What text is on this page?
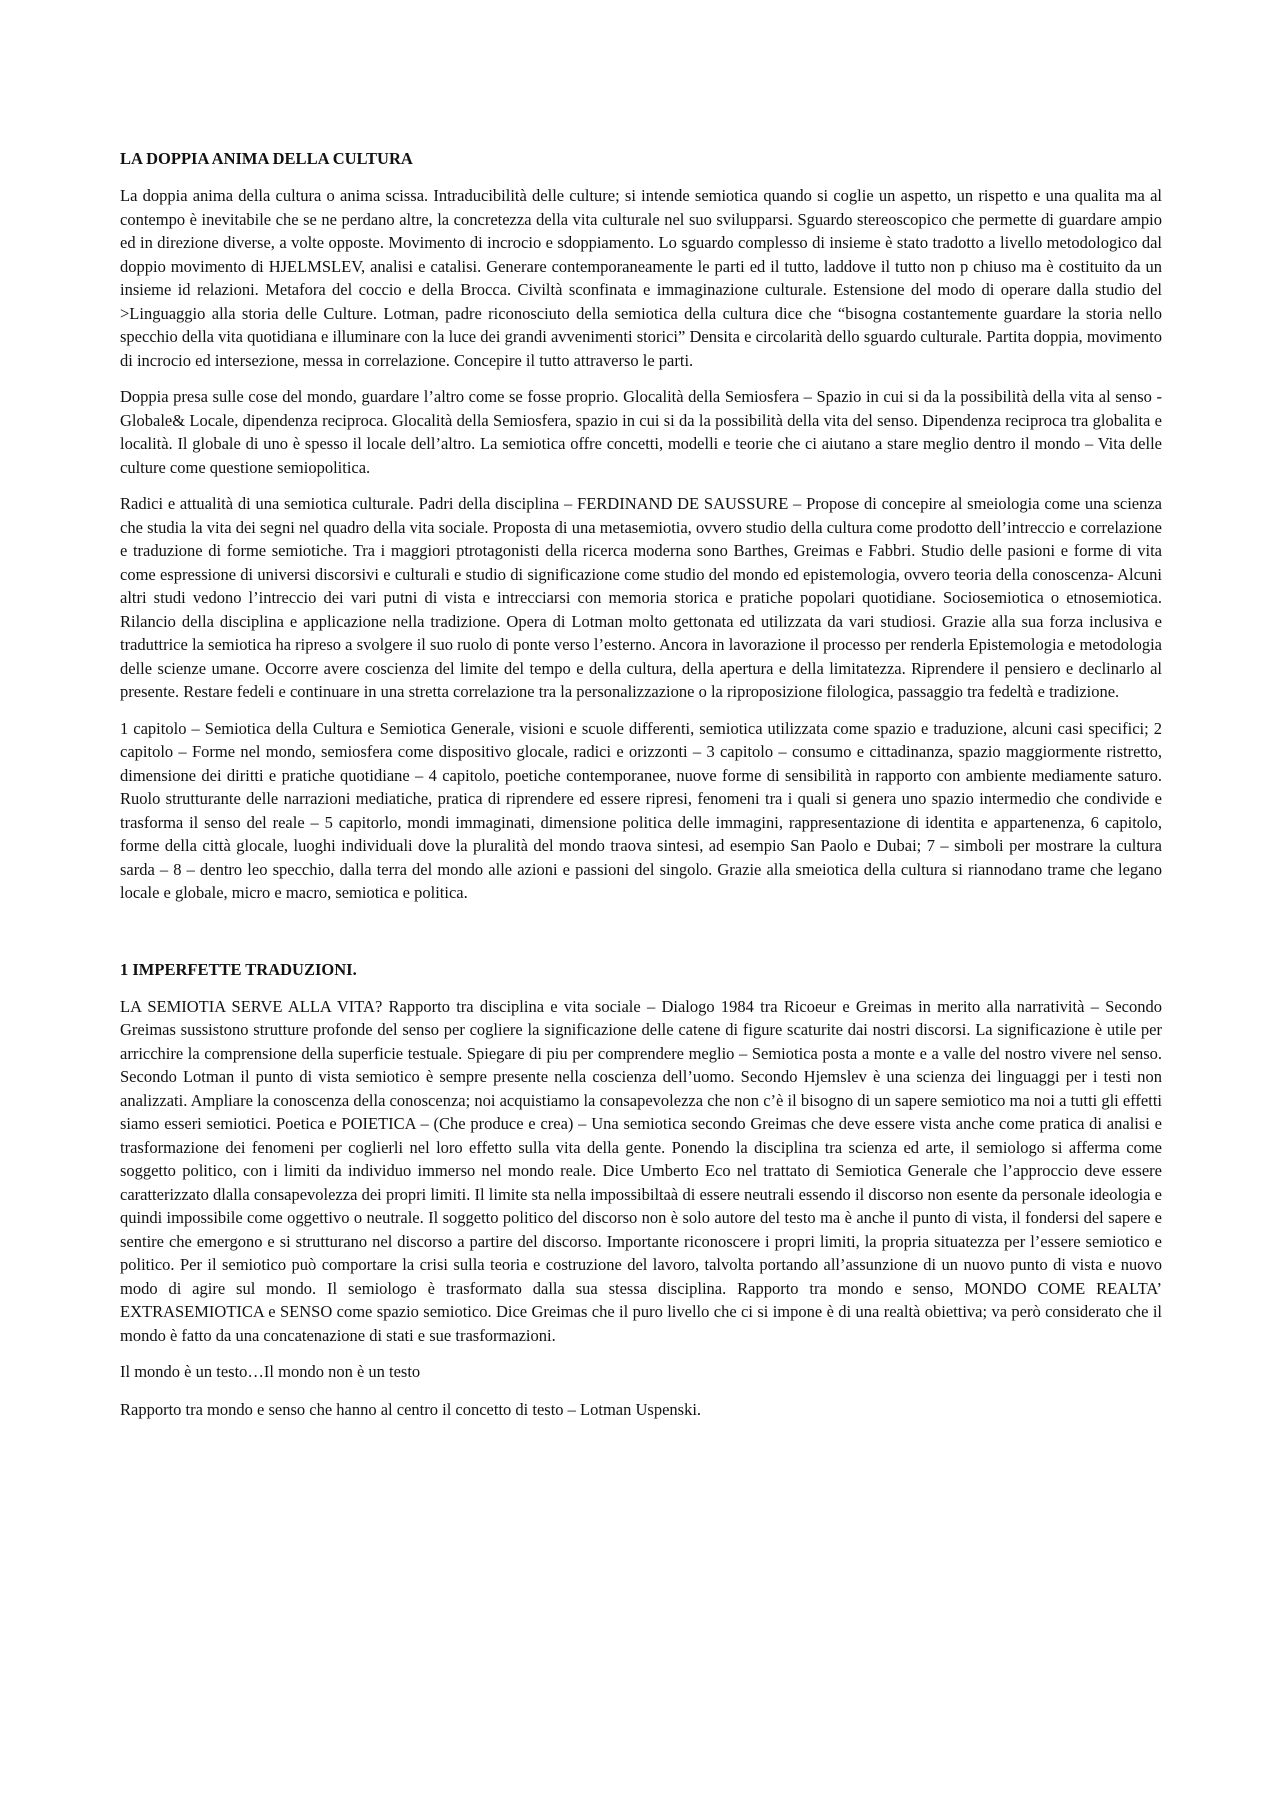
LA DOPPIA ANIMA DELLA CULTURA

La doppia anima della cultura o anima scissa. Intraducibilità delle culture; si intende semiotica quando si coglie un aspetto, un rispetto e una qualita ma al contempo è inevitabile che se ne perdano altre, la concretezza della vita culturale nel suo svilupparsi. Sguardo stereoscopico che permette di guardare ampio ed in direzione diverse, a volte opposte. Movimento di incrocio e sdoppiamento. Lo sguardo complesso di insieme è stato tradotto a livello metodologico dal doppio movimento di HJELMSLEV, analisi e catalisi. Generare contemporaneamente le parti ed il tutto, laddove il tutto non p chiuso ma è costituito da un insieme id relazioni. Metafora del coccio e della Brocca. Civiltà sconfinata e immaginazione culturale. Estensione del modo di operare dalla studio del >Linguaggio alla storia delle Culture. Lotman, padre riconosciuto della semiotica della cultura dice che “bisogna costantemente guardare la storia nello specchio della vita quotidiana e illuminare con la luce dei grandi avvenimenti storici” Densita e circolarità dello sguardo culturale. Partita doppia, movimento di incrocio ed intersezione, messa in correlazione. Concepire il tutto attraverso le parti.

Doppia presa sulle cose del mondo, guardare l’altro come se fosse proprio. Glocalità della Semiosfera – Spazio in cui si da la possibilità della vita al senso - Globale& Locale, dipendenza reciproca. Glocalità della Semiosfera, spazio in cui si da la possibilità della vita del senso. Dipendenza reciproca tra globalita e località. Il globale di uno è spesso il locale dell’altro. La semiotica offre concetti, modelli e teorie che ci aiutano a stare meglio dentro il mondo – Vita delle culture come questione semiopolitica.

Radici e attualità di una semiotica culturale. Padri della disciplina – FERDINAND DE SAUSSURE – Propose di concepire al smeiologia come una scienza che studia la vita dei segni nel quadro della vita sociale. Proposta di una metasemiotia, ovvero studio della cultura come prodotto dell’intreccio e correlazione e traduzione di forme semiotiche. Tra i maggiori ptrotagonisti della ricerca moderna sono Barthes, Greimas e Fabbri. Studio delle pasioni e forme di vita come espressione di universi discorsivi e culturali e studio di significazione come studio del mondo ed epistemologia, ovvero teoria della conoscenza- Alcuni altri studi vedono l’intreccio dei vari putni di vista e intrecciarsi con memoria storica e pratiche popolari quotidiane. Sociosemiotica o etnosemiotica. Rilancio della disciplina e applicazione nella tradizione. Opera di Lotman molto gettonata ed utilizzata da vari studiosi. Grazie alla sua forza inclusiva e traduttrice la semiotica ha ripreso a svolgere il suo ruolo di ponte verso l’esterno. Ancora in lavorazione il processo per renderla Epistemologia e metodologia delle scienze umane. Occorre avere coscienza del limite del tempo e della cultura, della apertura e della limitatezza. Riprendere il pensiero e declinarlo al presente. Restare fedeli e continuare in una stretta correlazione tra la personalizzazione o la riproposizione filologica, passaggio tra fedeltà e tradizione.

1 capitolo – Semiotica della Cultura e Semiotica Generale, visioni e scuole differenti, semiotica utilizzata come spazio e traduzione, alcuni casi specifici; 2 capitolo – Forme nel mondo, semiosfera come dispositivo glocale, radici e orizzonti – 3 capitolo – consumo e cittadinanza, spazio maggiormente ristretto, dimensione dei diritti e pratiche quotidiane – 4 capitolo, poetiche contemporanee, nuove forme di sensibilità in rapporto con ambiente mediamente saturo. Ruolo strutturante delle narrazioni mediatiche, pratica di riprendere ed essere ripresi, fenomeni tra i quali si genera uno spazio intermedio che condivide e trasforma il senso del reale – 5 capitorlo, mondi immaginati, dimensione politica delle immagini, rappresentazione di identita e appartenenza, 6 capitolo, forme della città glocale, luoghi individuali dove la pluralità del mondo traova sintesi, ad esempio San Paolo e Dubai; 7 – simboli per mostrare la cultura sarda – 8 – dentro leo specchio, dalla terra del mondo alle azioni e passioni del singolo. Grazie alla smeiotica della cultura si riannodano trame che legano locale e globale, micro e macro, semiotica e politica.

1 IMPERFETTE TRADUZIONI.

LA SEMIOTIA SERVE ALLA VITA? Rapporto tra disciplina e vita sociale – Dialogo 1984 tra Ricoeur e Greimas in merito alla narratività – Secondo Greimas sussistono strutture profonde del senso per cogliere la significazione delle catene di figure scaturite dai nostri discorsi. La significazione è utile per arricchire la comprensione della superficie testuale. Spiegare di piu per comprendere meglio – Semiotica posta a monte e a valle del nostro vivere nel senso. Secondo Lotman il punto di vista semiotico è sempre presente nella coscienza dell’uomo. Secondo Hjemslev è una scienza dei linguaggi per i testi non analizzati. Ampliare la conoscenza della conoscenza; noi acquistiamo la consapevolezza che non c’è il bisogno di un sapere semiotico ma noi a tutti gli effetti siamo esseri semiotici. Poetica e POIETICA – (Che produce e crea) – Una semiotica secondo Greimas che deve essere vista anche come pratica di analisi e trasformazione dei fenomeni per coglierli nel loro effetto sulla vita della gente. Ponendo la disciplina tra scienza ed arte, il semiologo si afferma come soggetto politico, con i limiti da individuo immerso nel mondo reale. Dice Umberto Eco nel trattato di Semiotica Generale che l’approccio deve essere caratterizzato dlalla consapevolezza dei propri limiti. Il limite sta nella impossibiltaà di essere neutrali essendo il discorso non esente da personale ideologia e quindi impossibile come oggettivo o neutrale. Il soggetto politico del discorso non è solo autore del testo ma è anche il punto di vista, il fondersi del sapere e sentire che emergono e si strutturano nel discorso a partire del discorso. Importante riconoscere i propri limiti, la propria situatezza per l’essere semiotico e politico. Per il semiotico può comportare la crisi sulla teoria e costruzione del lavoro, talvolta portando all’assunzione di un nuovo punto di vista e nuovo modo di agire sul mondo. Il semiologo è trasformato dalla sua stessa disciplina. Rapporto tra mondo e senso, MONDO COME REALTA’ EXTRASEMIOTICA e SENSO come spazio semiotico. Dice Greimas che il puro livello che ci si impone è di una realtà obiettiva; va però considerato che il mondo è fatto da una concatenazione di stati e sue trasformazioni.

Il mondo è un testo…Il mondo non è un testo

Rapporto tra mondo e senso che hanno al centro il concetto di testo – Lotman Uspenski.
